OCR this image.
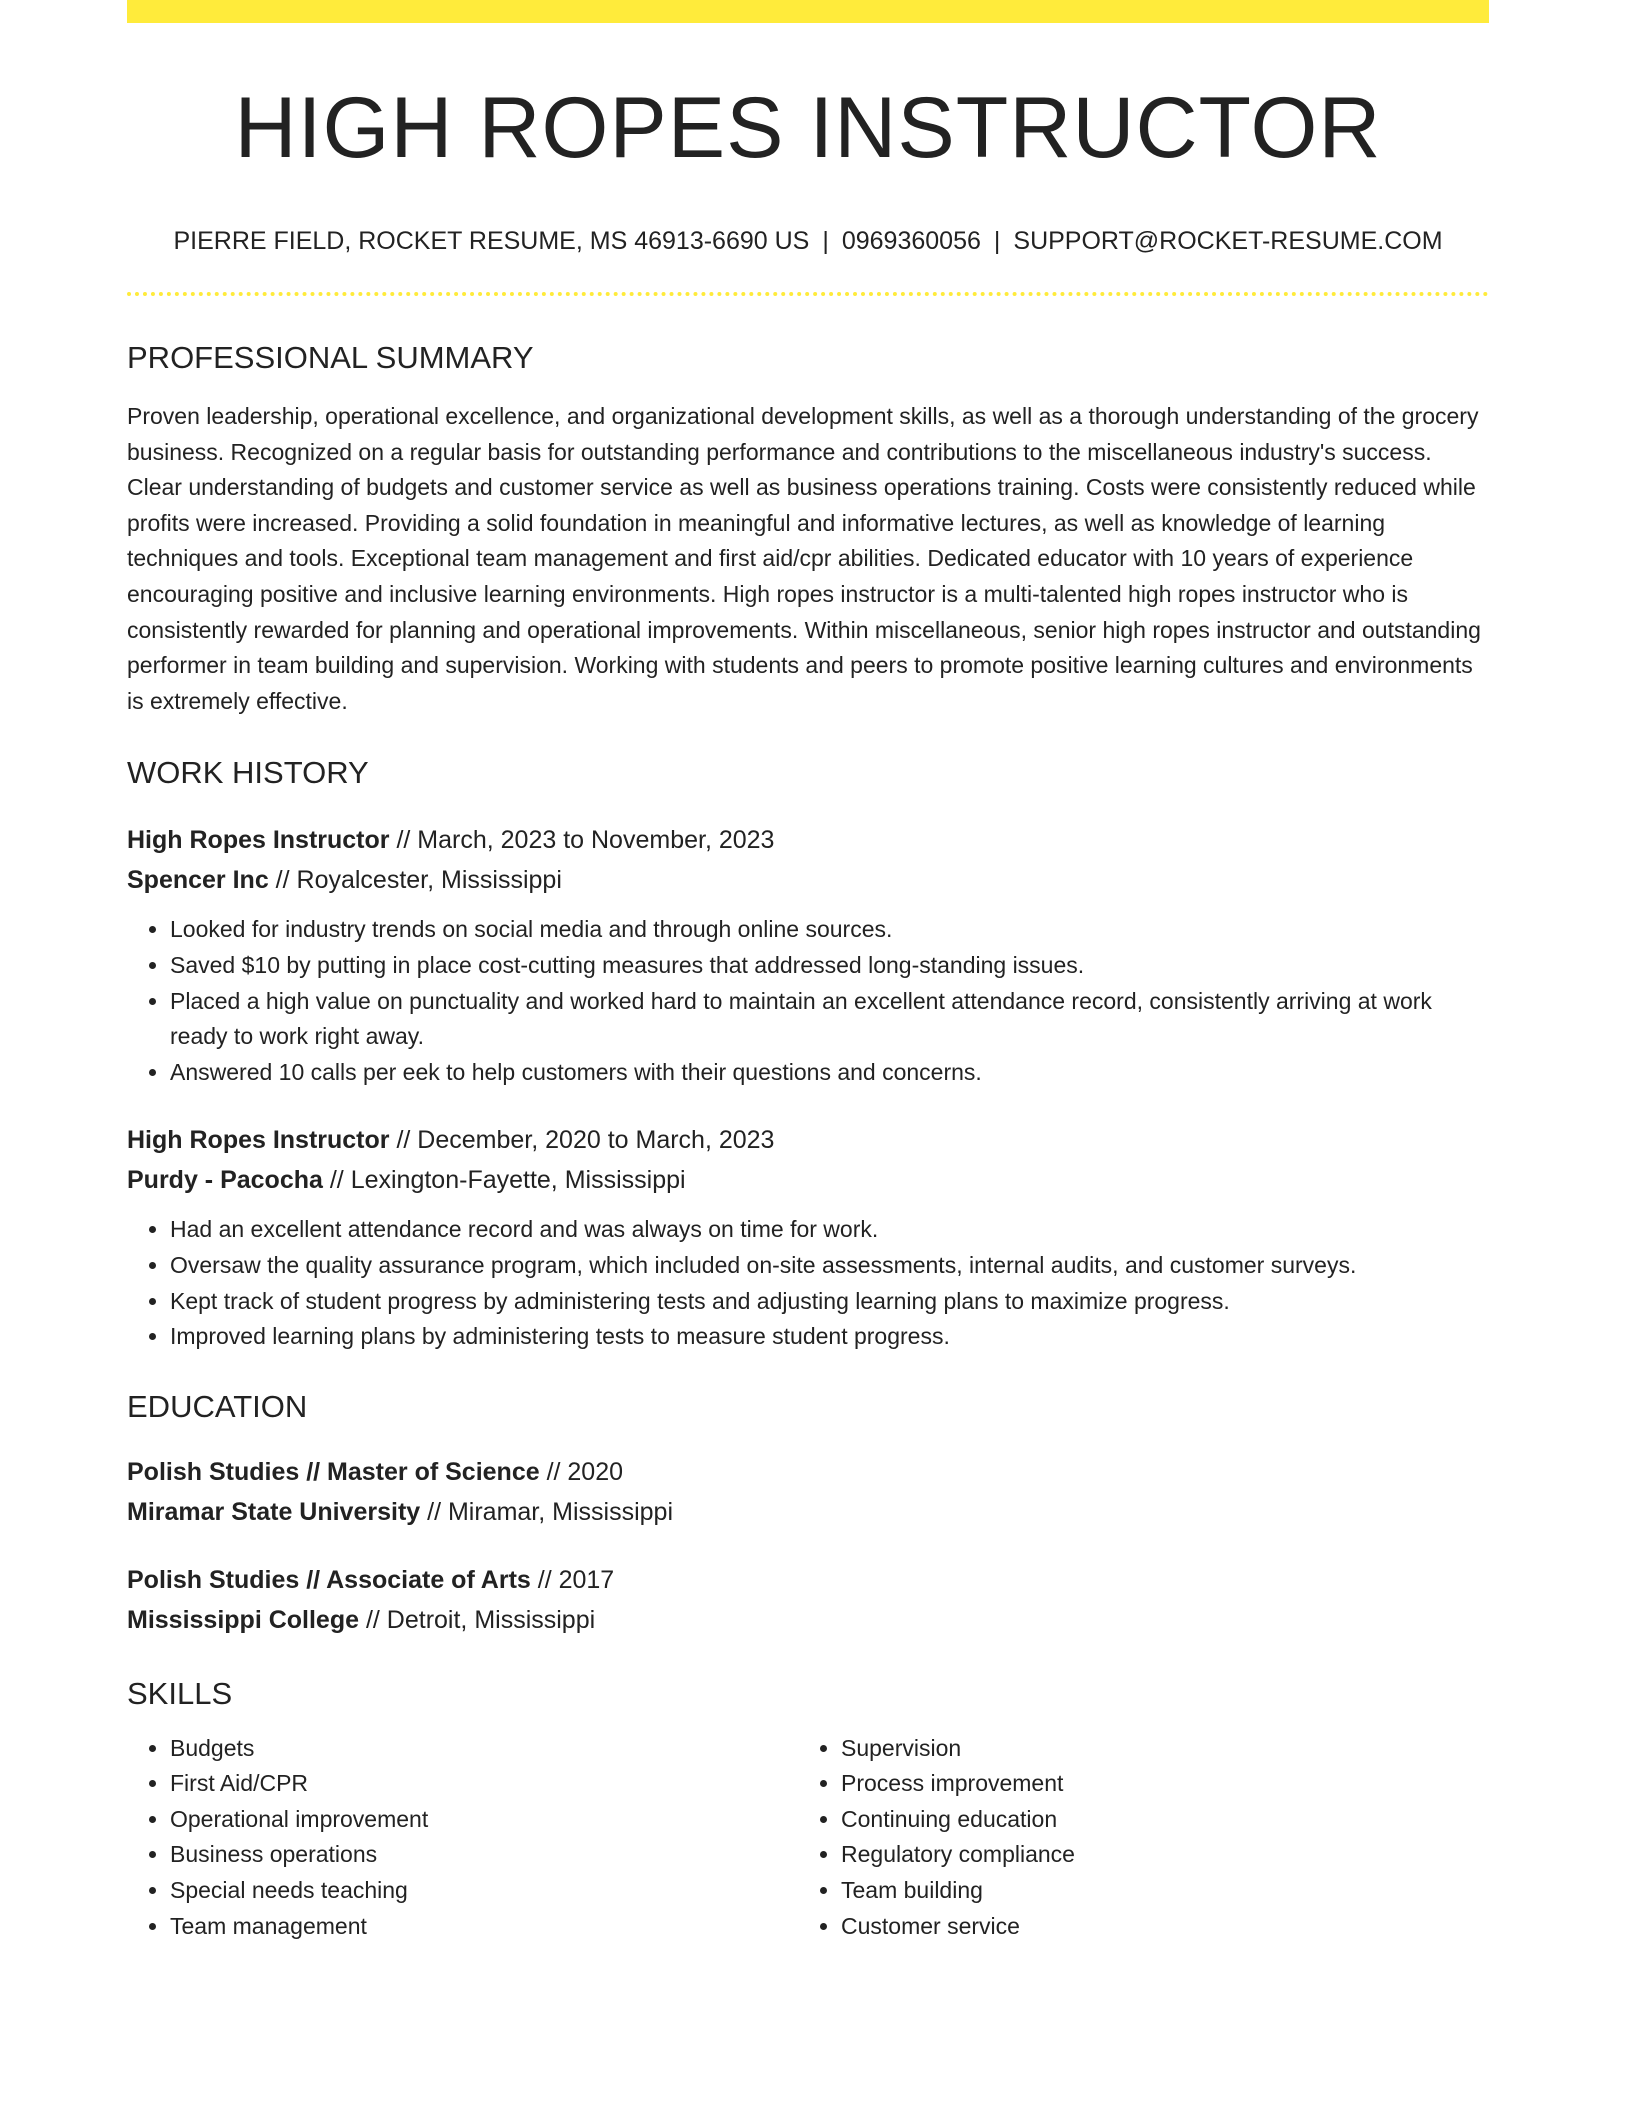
HIGH ROPES INSTRUCTOR
PIERRE FIELD, ROCKET RESUME, MS 46913-6690 US | 0969360056 | SUPPORT@ROCKET-RESUME.COM
PROFESSIONAL SUMMARY
Proven leadership, operational excellence, and organizational development skills, as well as a thorough understanding of the grocery business. Recognized on a regular basis for outstanding performance and contributions to the miscellaneous industry's success. Clear understanding of budgets and customer service as well as business operations training. Costs were consistently reduced while profits were increased. Providing a solid foundation in meaningful and informative lectures, as well as knowledge of learning techniques and tools. Exceptional team management and first aid/cpr abilities. Dedicated educator with 10 years of experience encouraging positive and inclusive learning environments. High ropes instructor is a multi-talented high ropes instructor who is consistently rewarded for planning and operational improvements. Within miscellaneous, senior high ropes instructor and outstanding performer in team building and supervision. Working with students and peers to promote positive learning cultures and environments is extremely effective.
WORK HISTORY
High Ropes Instructor // March, 2023 to November, 2023
Spencer Inc // Royalcester, Mississippi
• Looked for industry trends on social media and through online sources.
• Saved $10 by putting in place cost-cutting measures that addressed long-standing issues.
• Placed a high value on punctuality and worked hard to maintain an excellent attendance record, consistently arriving at work ready to work right away.
• Answered 10 calls per eek to help customers with their questions and concerns.
High Ropes Instructor // December, 2020 to March, 2023
Purdy - Pacocha // Lexington-Fayette, Mississippi
• Had an excellent attendance record and was always on time for work.
• Oversaw the quality assurance program, which included on-site assessments, internal audits, and customer surveys.
• Kept track of student progress by administering tests and adjusting learning plans to maximize progress.
• Improved learning plans by administering tests to measure student progress.
EDUCATION
Polish Studies // Master of Science // 2020
Miramar State University // Miramar, Mississippi
Polish Studies // Associate of Arts // 2017
Mississippi College // Detroit, Mississippi
SKILLS
• Budgets
• First Aid/CPR
• Operational improvement
• Business operations
• Special needs teaching
• Team management
• Supervision
• Process improvement
• Continuing education
• Regulatory compliance
• Team building
• Customer service
